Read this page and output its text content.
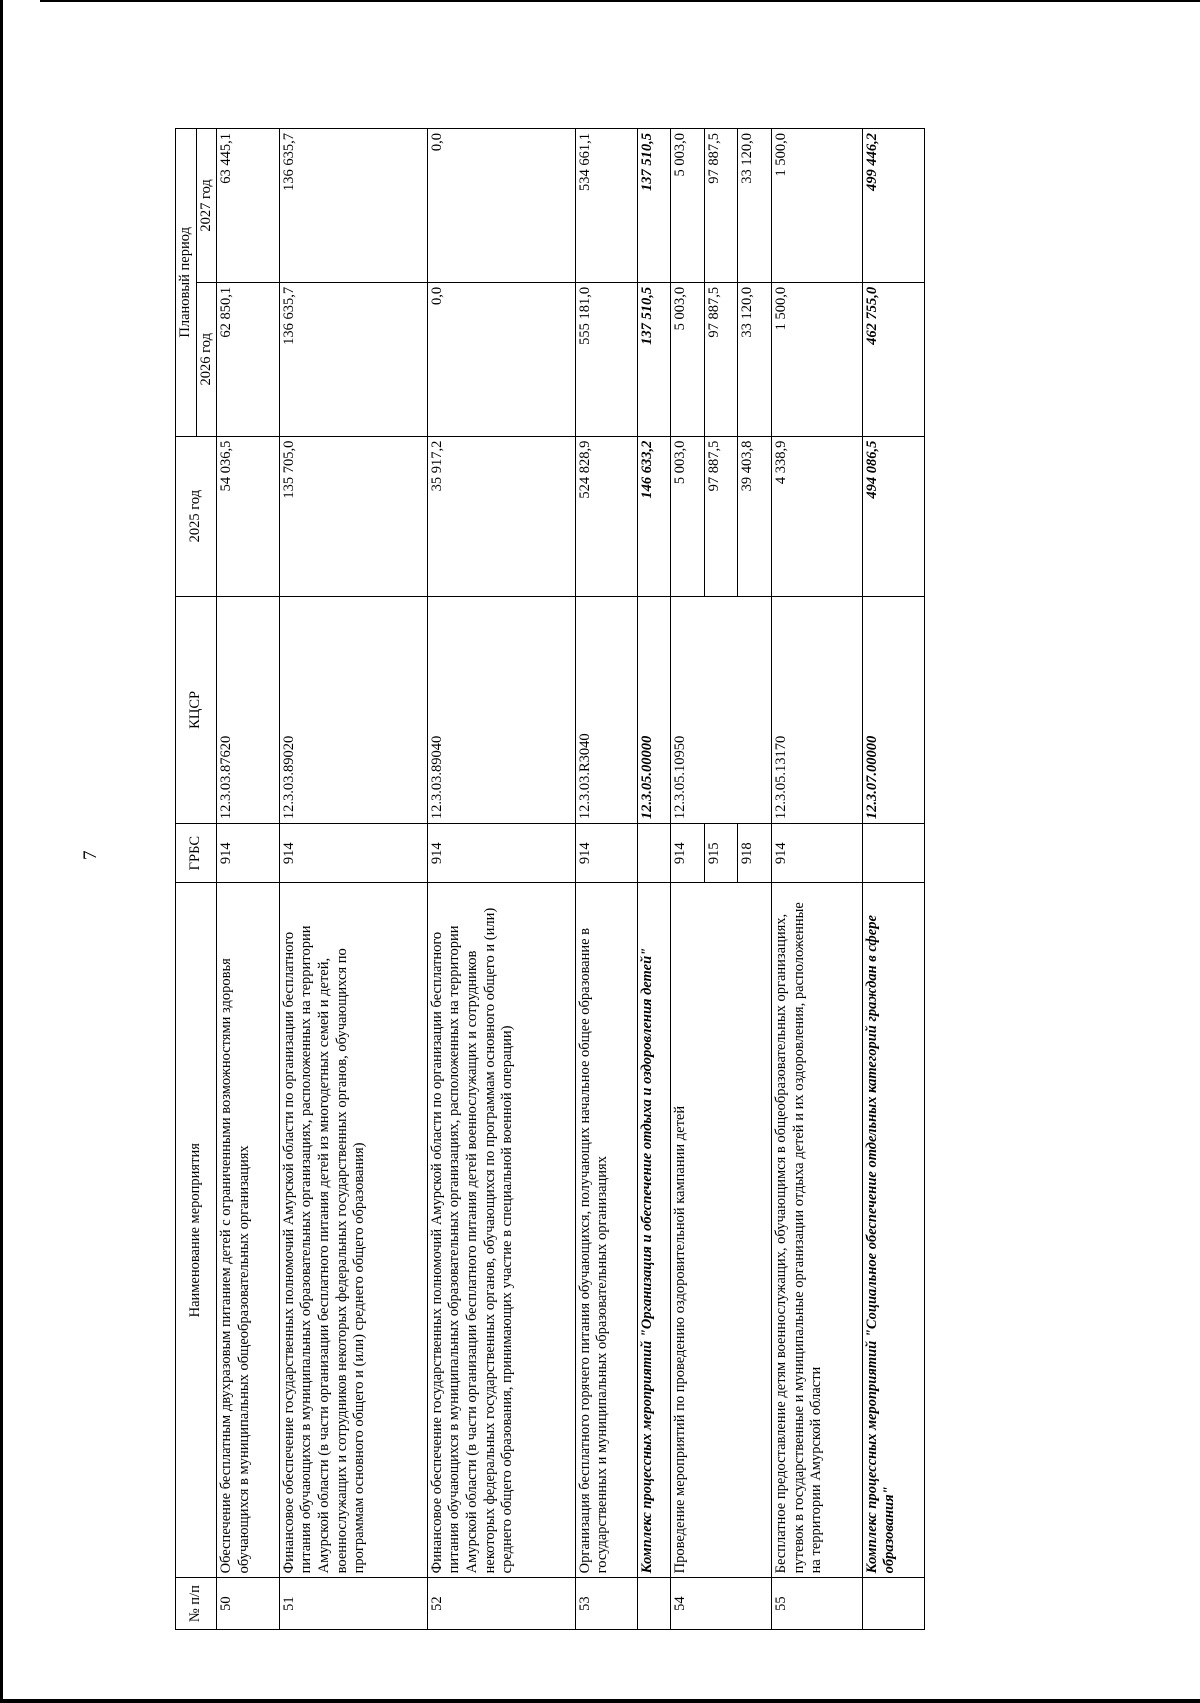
7
№ п/п	Наименование мероприятия	ГРБС	КЦСР	2025 год	Плановый период	
					2026 год	2027 год
50	Обеспечение бесплатным двухразовым питанием детей с ограниченными возможностями здоровья обучающихся в муниципальных общеобразовательных организациях	914	12.3.03.87620	54 036,5	62 850,1	63 445,1
51	Финансовое обеспечение государственных полномочий Амурской области по организации бесплатного питания обучающихся в муниципальных образовательных организациях, расположенных на территории Амурской области (в части организации бесплатного питания детей из многодетных семей и детей, военнослужащих и сотрудников некоторых федеральных государственных органов, обучающихся по программам основного общего и (или) среднего общего образования)	914	12.3.03.89020	135 705,0	136 635,7	136 635,7
52	Финансовое обеспечение государственных полномочий Амурской области по организации бесплатного питания обучающихся в муниципальных образовательных организациях, расположенных на территории Амурской области (в части организации бесплатного питания детей военнослужащих и сотрудников некоторых федеральных государственных органов, обучающихся по программам основного общего и (или) среднего общего образования, принимающих участие в специальной военной операции)	914	12.3.03.89040	35 917,2	0,0	0,0
53	Организация бесплатного горячего питания обучающихся, получающих начальное общее образование в государственных и муниципальных образовательных организациях	914	12.3.03.R3040	524 828,9	555 181,0	534 661,1
	Комплекс процессных мероприятий "Организация и обеспечение отдыха и оздоровления детей"		12.3.05.00000	146 633,2	137 510,5	137 510,5
54	Проведение мероприятий по проведению оздоровительной кампании детей	914	12.3.05.10950	5 003,0	5 003,0	5 003,0
		915		97 887,5	97 887,5	97 887,5
		918		39 403,8	33 120,0	33 120,0
55	Бесплатное предоставление детям военнослужащих, обучающимся в общеобразовательных организациях, путевок в государственные и муниципальные организации отдыха детей и их оздоровления, расположенные на территории Амурской области	914	12.3.05.13170	4 338,9	1 500,0	1 500,0
	Комплекс процессных мероприятий "Социальное обеспечение отдельных категорий граждан в сфере образования"		12.3.07.00000	494 086,5	462 755,0	499 446,2
